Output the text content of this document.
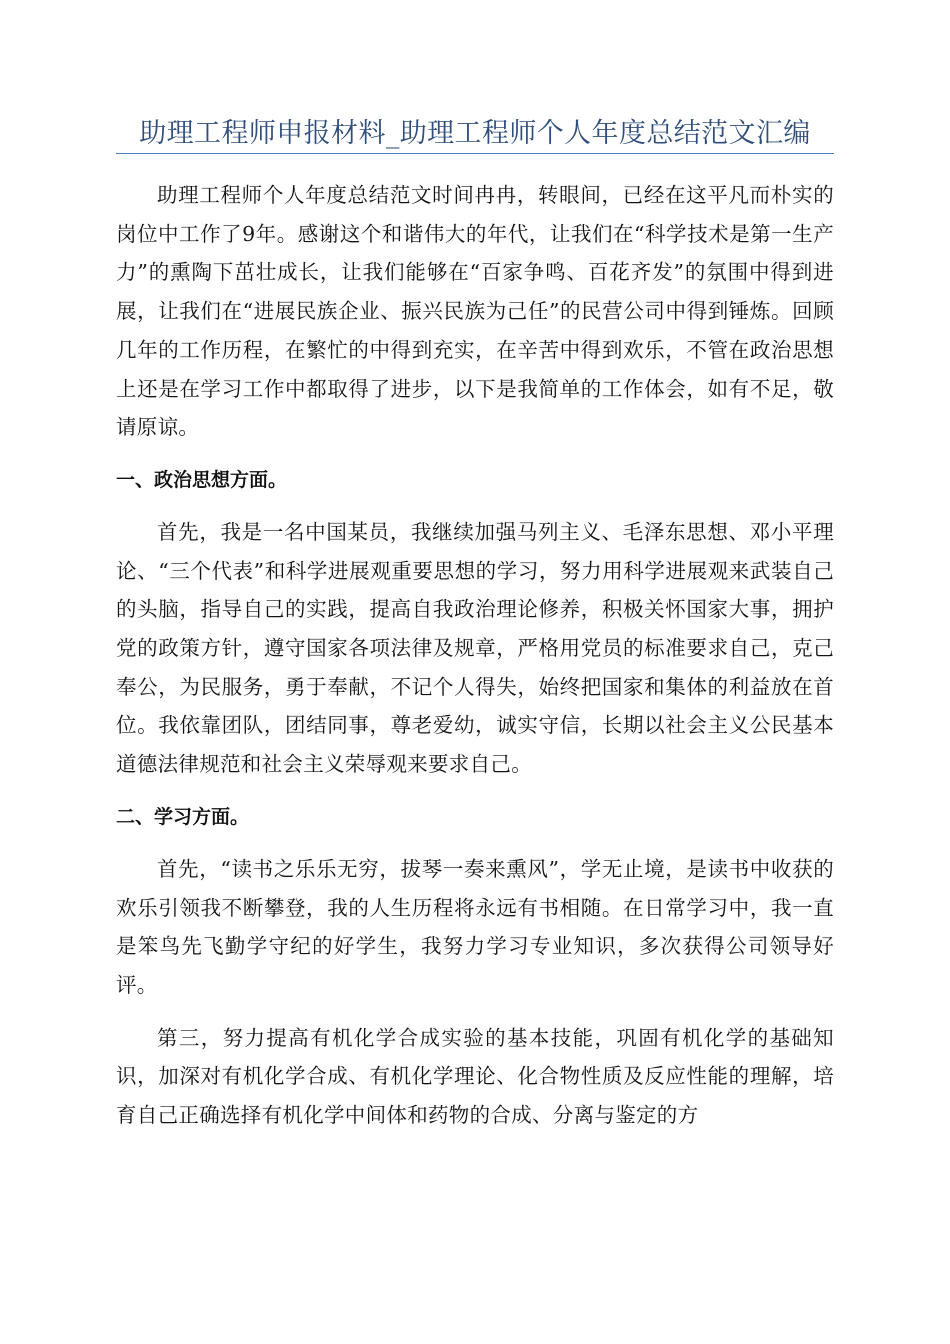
助理工程师申报材料_助理工程师个人年度总结范文汇编

助理工程师个人年度总结范文时间冉冉，转眼间，已经在这平凡而朴实的岗位中工作了9年。感谢这个和谐伟大的年代，让我们在“科学技术是第一生产力”的熏陶下茁壮成长，让我们能够在“百家争鸣、百花齐发”的氛围中得到进展，让我们在“进展民族企业、振兴民族为己任”的民营公司中得到锤炼。回顾几年的工作历程，在繁忙的中得到充实，在辛苦中得到欢乐，不管在政治思想上还是在学习工作中都取得了进步，以下是我简单的工作体会，如有不足，敬请原谅。

一、政治思想方面。

首先，我是一名中国某员，我继续加强马列主义、毛泽东思想、邓小平理论、“三个代表”和科学进展观重要思想的学习，努力用科学进展观来武装自己的头脑，指导自己的实践，提高自我政治理论修养，积极关怀国家大事，拥护党的政策方针，遵守国家各项法律及规章，严格用党员的标准要求自己，克己奉公，为民服务，勇于奉献，不记个人得失，始终把国家和集体的利益放在首位。我依靠团队，团结同事，尊老爱幼，诚实守信，长期以社会主义公民基本道德法律规范和社会主义荣辱观来要求自己。

二、学习方面。

首先，“读书之乐乐无穷，拔琴一奏来熏风”，学无止境，是读书中收获的欢乐引领我不断攀登，我的人生历程将永远有书相随。在日常学习中，我一直是笨鸟先飞勤学守纪的好学生，我努力学习专业知识，多次获得公司领导好评。

第三，努力提高有机化学合成实验的基本技能，巩固有机化学的基础知识，加深对有机化学合成、有机化学理论、化合物性质及反应性能的理解，培育自己正确选择有机化学中间体和药物的合成、分离与鉴定的方
